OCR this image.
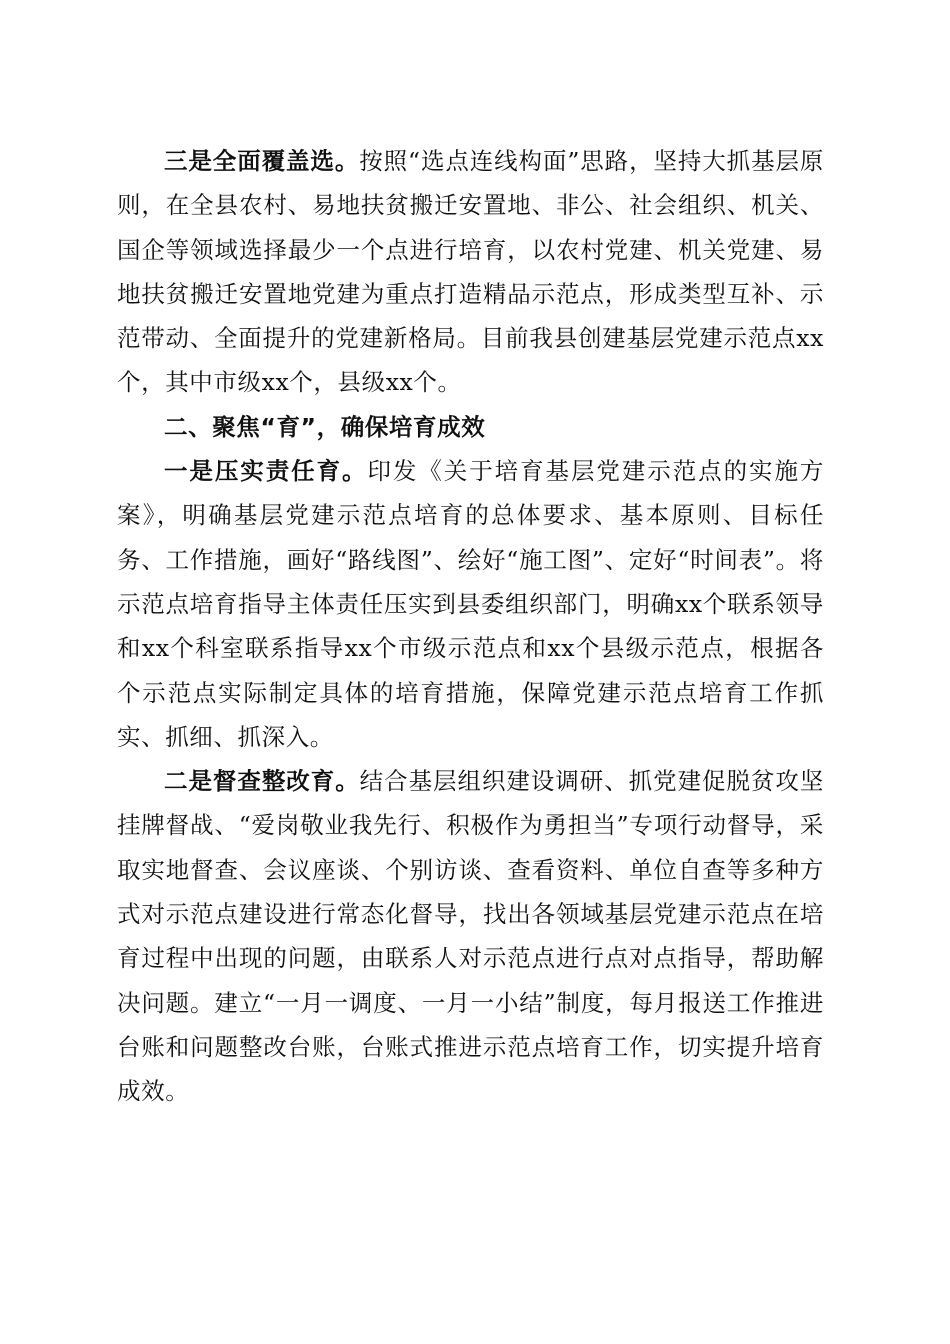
三是全面覆盖选。按照“选点连线构面”思路，坚持大抓基层原则，在全县农村、易地扶贫搬迁安置地、非公、社会组织、机关、国企等领域选择最少一个点进行培育，以农村党建、机关党建、易地扶贫搬迁安置地党建为重点打造精品示范点，形成类型互补、示范带动、全面提升的党建新格局。目前我县创建基层党建示范点xx个，其中市级xx个，县级xx个。

二、聚焦“育”，确保培育成效

一是压实责任育。印发《关于培育基层党建示范点的实施方案》，明确基层党建示范点培育的总体要求、基本原则、目标任务、工作措施，画好“路线图”、绘好“施工图”、定好“时间表”。将示范点培育指导主体责任压实到县委组织部门，明确xx个联系领导和xx个科室联系指导xx个市级示范点和xx个县级示范点，根据各个示范点实际制定具体的培育措施，保障党建示范点培育工作抓实、抓细、抓深入。

二是督查整改育。结合基层组织建设调研、抓党建促脱贫攻坚挂牌督战、“爱岗敬业我先行、积极作为勇担当”专项行动督导，采取实地督查、会议座谈、个别访谈、查看资料、单位自查等多种方式对示范点建设进行常态化督导，找出各领域基层党建示范点在培育过程中出现的问题，由联系人对示范点进行点对点指导，帮助解决问题。建立“一月一调度、一月一小结”制度，每月报送工作推进台账和问题整改台账，台账式推进示范点培育工作，切实提升培育成效。
